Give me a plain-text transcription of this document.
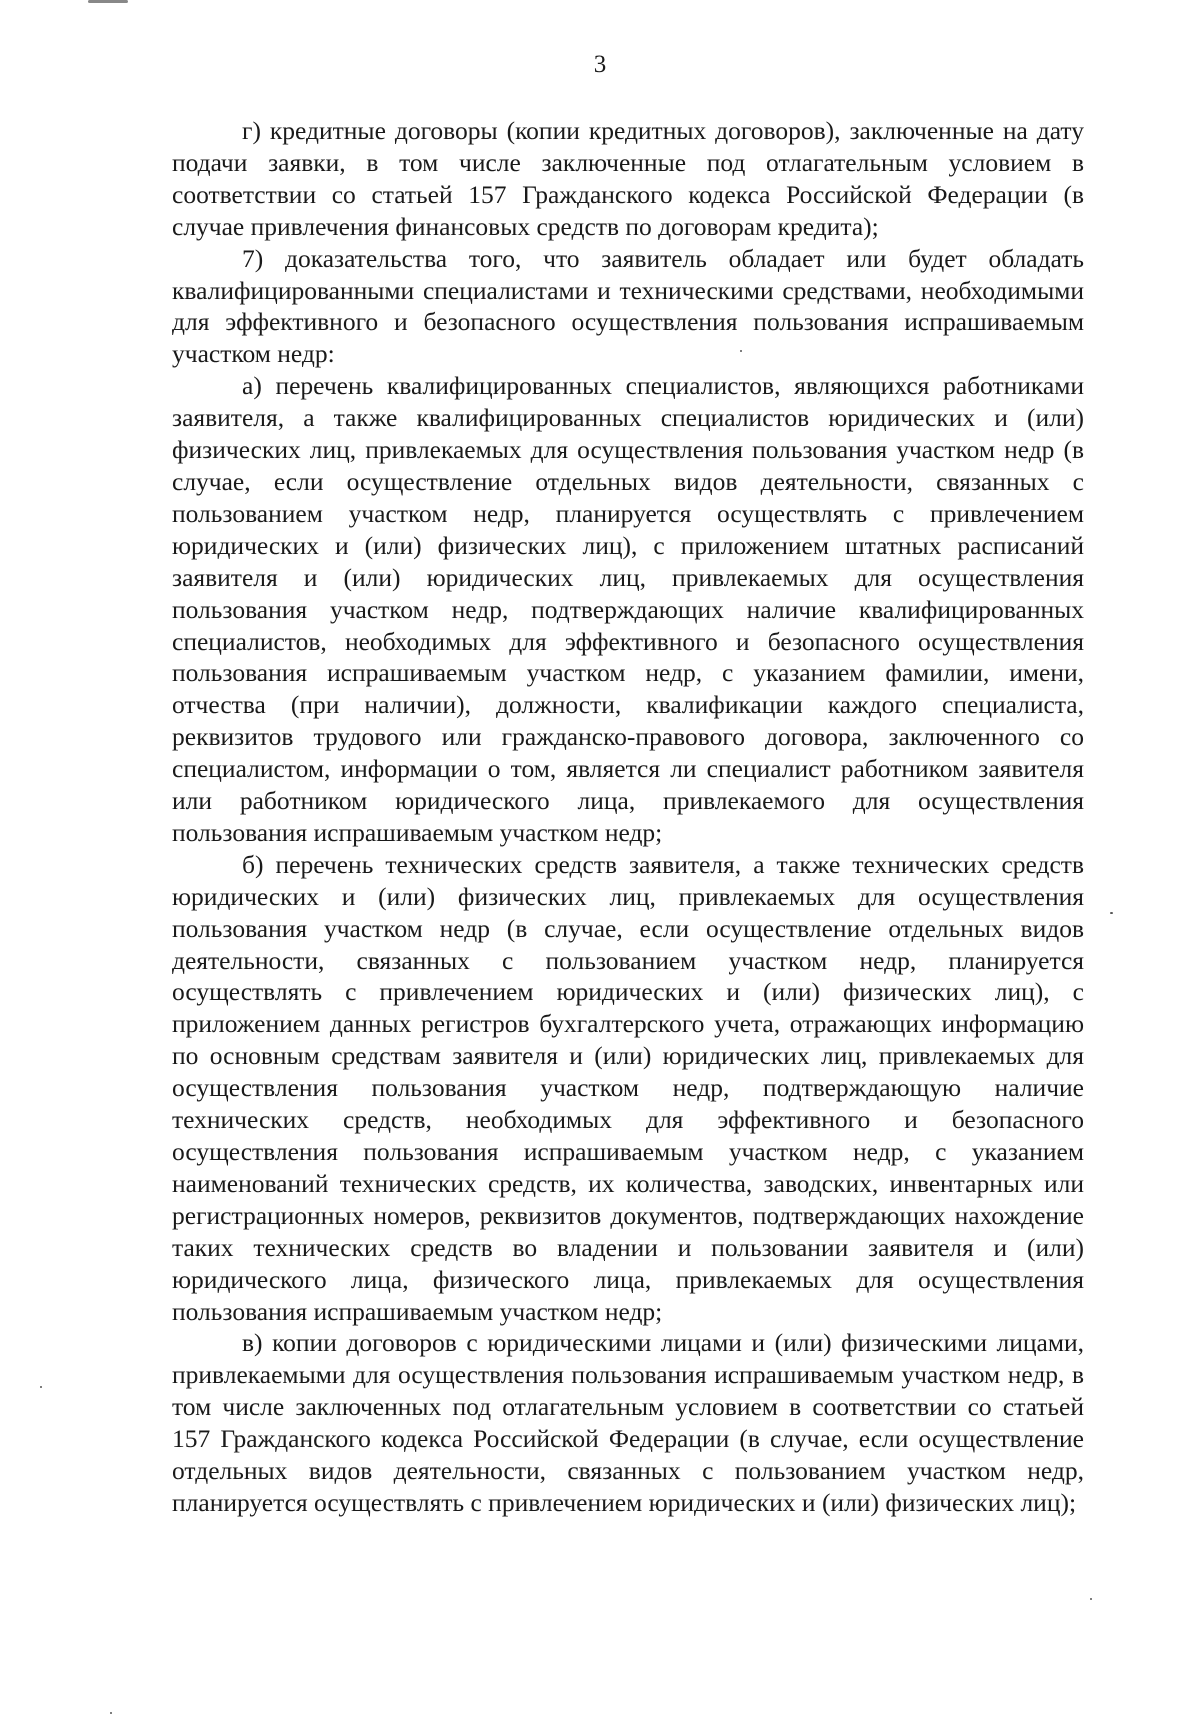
3

г) кредитные договоры (копии кредитных договоров), заключенные на дату подачи заявки, в том числе заключенные под отлагательным условием в соответствии со статьей 157 Гражданского кодекса Российской Федерации (в случае привлечения финансовых средств по договорам кредита);

7) доказательства того, что заявитель обладает или будет обладать квалифицированными специалистами и техническими средствами, необходимыми для эффективного и безопасного осуществления пользования испрашиваемым участком недр:

а) перечень квалифицированных специалистов, являющихся работниками заявителя, а также квалифицированных специалистов юридических и (или) физических лиц, привлекаемых для осуществления пользования участком недр (в случае, если осуществление отдельных видов деятельности, связанных с пользованием участком недр, планируется осуществлять с привлечением юридических и (или) физических лиц), с приложением штатных расписаний заявителя и (или) юридических лиц, привлекаемых для осуществления пользования участком недр, подтверждающих наличие квалифицированных специалистов, необходимых для эффективного и безопасного осуществления пользования испрашиваемым участком недр, с указанием фамилии, имени, отчества (при наличии), должности, квалификации каждого специалиста, реквизитов трудового или гражданско-правового договора, заключенного со специалистом, информации о том, является ли специалист работником заявителя или работником юридического лица, привлекаемого для осуществления пользования испрашиваемым участком недр;

б) перечень технических средств заявителя, а также технических средств юридических и (или) физических лиц, привлекаемых для осуществления пользования участком недр (в случае, если осуществление отдельных видов деятельности, связанных с пользованием участком недр, планируется осуществлять с привлечением юридических и (или) физических лиц), с приложением данных регистров бухгалтерского учета, отражающих информацию по основным средствам заявителя и (или) юридических лиц, привлекаемых для осуществления пользования участком недр, подтверждающую наличие технических средств, необходимых для эффективного и безопасного осуществления пользования испрашиваемым участком недр, с указанием наименований технических средств, их количества, заводских, инвентарных или регистрационных номеров, реквизитов документов, подтверждающих нахождение таких технических средств во владении и пользовании заявителя и (или) юридического лица, физического лица, привлекаемых для осуществления пользования испрашиваемым участком недр;

в) копии договоров с юридическими лицами и (или) физическими лицами, привлекаемыми для осуществления пользования испрашиваемым участком недр, в том числе заключенных под отлагательным условием в соответствии со статьей 157 Гражданского кодекса Российской Федерации (в случае, если осуществление отдельных видов деятельности, связанных с пользованием участком недр, планируется осуществлять с привлечением юридических и (или) физических лиц);
